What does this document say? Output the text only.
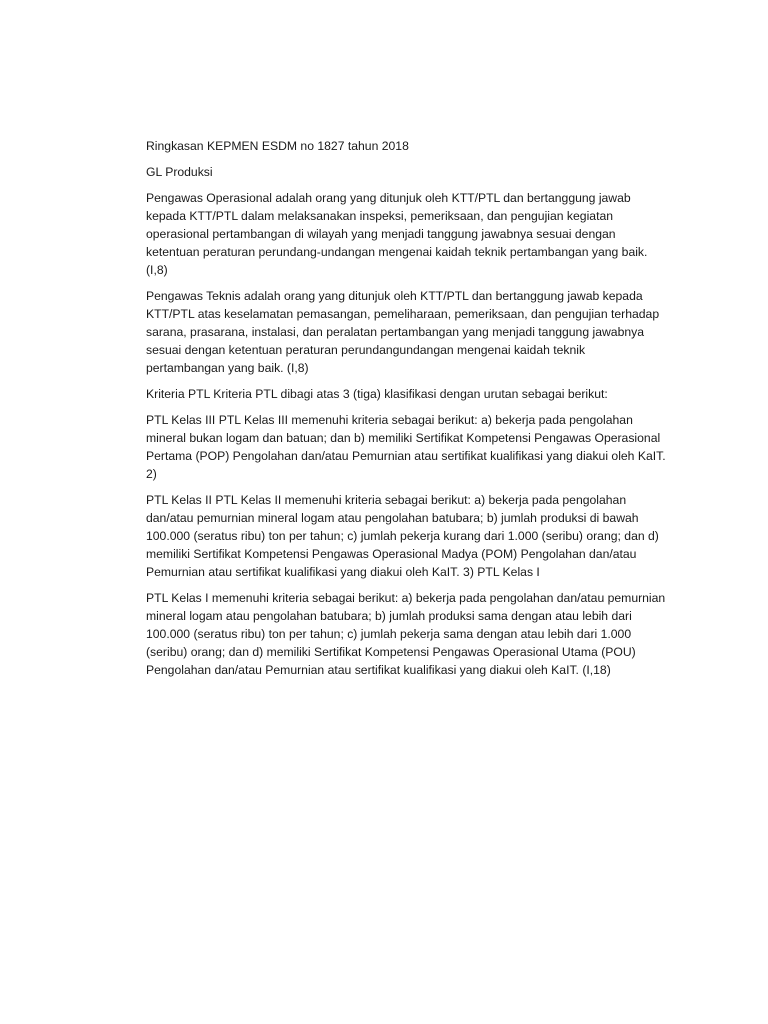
Ringkasan KEPMEN ESDM no 1827 tahun 2018

GL Produksi

Pengawas Operasional adalah orang yang ditunjuk oleh KTT/PTL dan bertanggung jawab kepada KTT/PTL dalam melaksanakan inspeksi, pemeriksaan, dan pengujian kegiatan operasional pertambangan di wilayah yang menjadi tanggung jawabnya sesuai dengan ketentuan peraturan perundang-undangan mengenai kaidah teknik pertambangan yang baik. (I,8)

Pengawas Teknis adalah orang yang ditunjuk oleh KTT/PTL dan bertanggung jawab kepada KTT/PTL atas keselamatan pemasangan, pemeliharaan, pemeriksaan, dan pengujian terhadap sarana, prasarana, instalasi, dan peralatan pertambangan yang menjadi tanggung jawabnya sesuai dengan ketentuan peraturan perundangundangan mengenai kaidah teknik pertambangan yang baik. (I,8)

Kriteria PTL Kriteria PTL dibagi atas 3 (tiga) klasifikasi dengan urutan sebagai berikut:

PTL Kelas III PTL Kelas III memenuhi kriteria sebagai berikut: a) bekerja pada pengolahan mineral bukan logam dan batuan; dan b) memiliki Sertifikat Kompetensi Pengawas Operasional Pertama (POP) Pengolahan dan/atau Pemurnian atau sertifikat kualifikasi yang diakui oleh KaIT. 2)

PTL Kelas II PTL Kelas II memenuhi kriteria sebagai berikut: a) bekerja pada pengolahan dan/atau pemurnian mineral logam atau pengolahan batubara; b) jumlah produksi di bawah 100.000 (seratus ribu) ton per tahun; c) jumlah pekerja kurang dari 1.000 (seribu) orang; dan d) memiliki Sertifikat Kompetensi Pengawas Operasional Madya (POM) Pengolahan dan/atau Pemurnian atau sertifikat kualifikasi yang diakui oleh KaIT. 3) PTL Kelas I

PTL Kelas I memenuhi kriteria sebagai berikut: a) bekerja pada pengolahan dan/atau pemurnian mineral logam atau pengolahan batubara; b) jumlah produksi sama dengan atau lebih dari 100.000 (seratus ribu) ton per tahun; c) jumlah pekerja sama dengan atau lebih dari 1.000 (seribu) orang; dan d) memiliki Sertifikat Kompetensi Pengawas Operasional Utama (POU) Pengolahan dan/atau Pemurnian atau sertifikat kualifikasi yang diakui oleh KaIT. (I,18)
